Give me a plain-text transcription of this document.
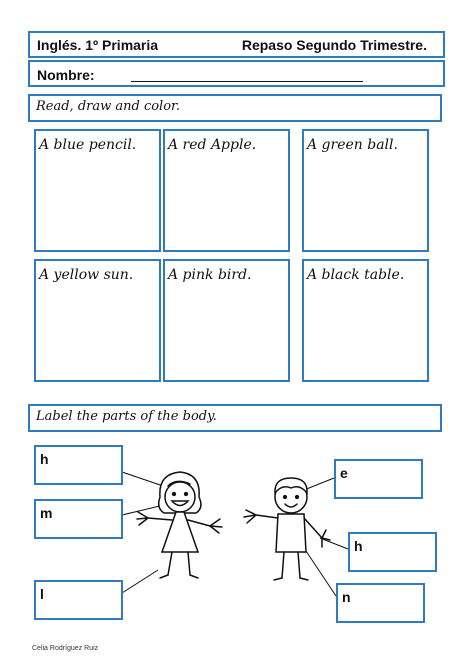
Inglés. 1º Primaria	Repaso Segundo Trimestre.
Nombre:
Read, draw and color.
A blue pencil. A red Apple.	A green ball.
A yellow sun. A pink bird.	A black table.
Label the parts of the body.
h
m
l
e
h
n
Celia Rodríguez Ruiz
